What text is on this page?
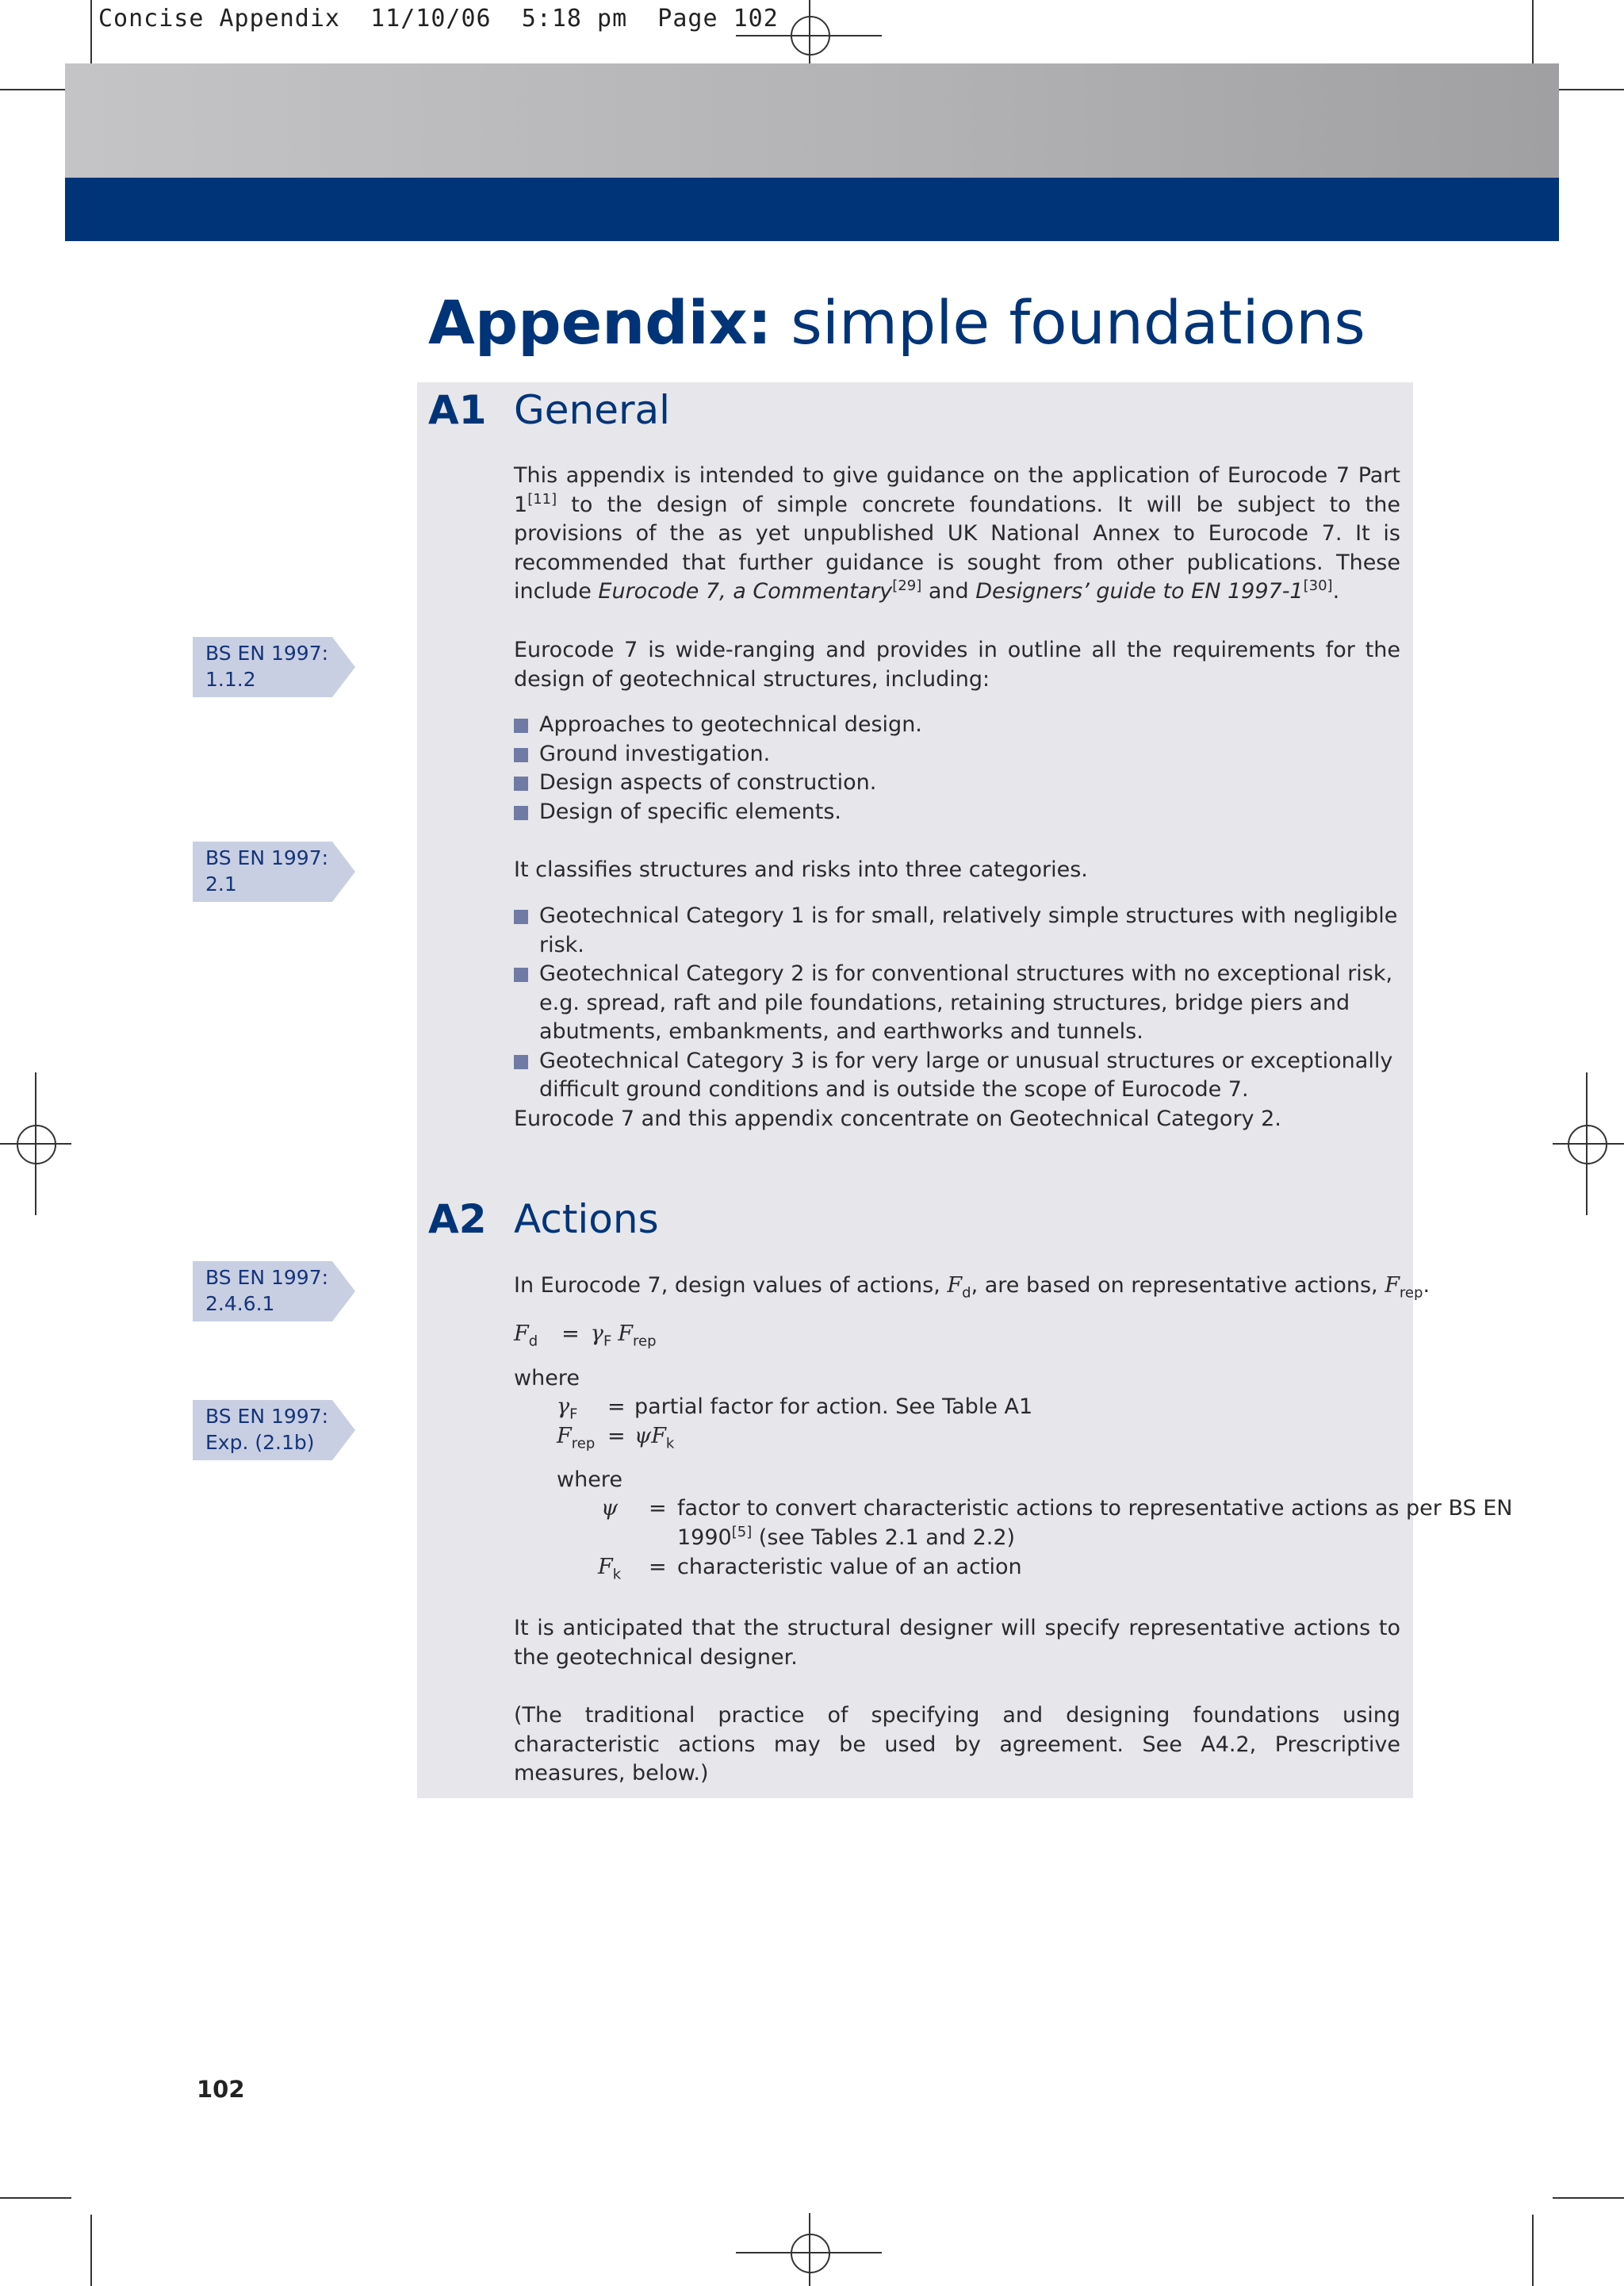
Concise Appendix  11/10/06  5:18 pm  Page 102
Appendix: simple foundations
A1 General
This appendix is intended to give guidance on the application of Eurocode 7 Part 1[11] to the design of simple concrete foundations. It will be subject to the provisions of the as yet unpublished UK National Annex to Eurocode 7. It is recommended that further guidance is sought from other publications. These include Eurocode 7, a Commentary[29] and Designers’ guide to EN 1997-1[30].
Eurocode 7 is wide-ranging and provides in outline all the requirements for the design of geotechnical structures, including:
Approaches to geotechnical design.
Ground investigation.
Design aspects of construction.
Design of specific elements.
It classifies structures and risks into three categories.
Geotechnical Category 1 is for small, relatively simple structures with negligible risk.
Geotechnical Category 2 is for conventional structures with no exceptional risk, e.g. spread, raft and pile foundations, retaining structures, bridge piers and abutments, embankments, and earthworks and tunnels.
Geotechnical Category 3 is for very large or unusual structures or exceptionally difficult ground conditions and is outside the scope of Eurocode 7.
Eurocode 7 and this appendix concentrate on Geotechnical Category 2.
A2 Actions
In Eurocode 7, design values of actions, $F_d$, are based on representative actions, $F_{rep}$.
$F_d = \gamma_F$ $F_{rep}$
where
$\gamma_F$ = partial factor for action. See Table A1
$F_{rep} = \psi F_k$
where
ψ = factor to convert characteristic actions to representative actions as per BS EN
1990[5] (see Tables 2.1 and 2.2)
$F_k$ = characteristic value of an action
It is anticipated that the structural designer will specify representative actions to the geotechnical designer.
(The traditional practice of specifying and designing foundations using characteristic actions may be used by agreement. See A4.2, Prescriptive measures, below.)
BS EN 1997:
1.1.2
BS EN 1997:
2.1
BS EN 1997:
2.4.6.1
BS EN 1997:
Exp. (2.1b)
102
